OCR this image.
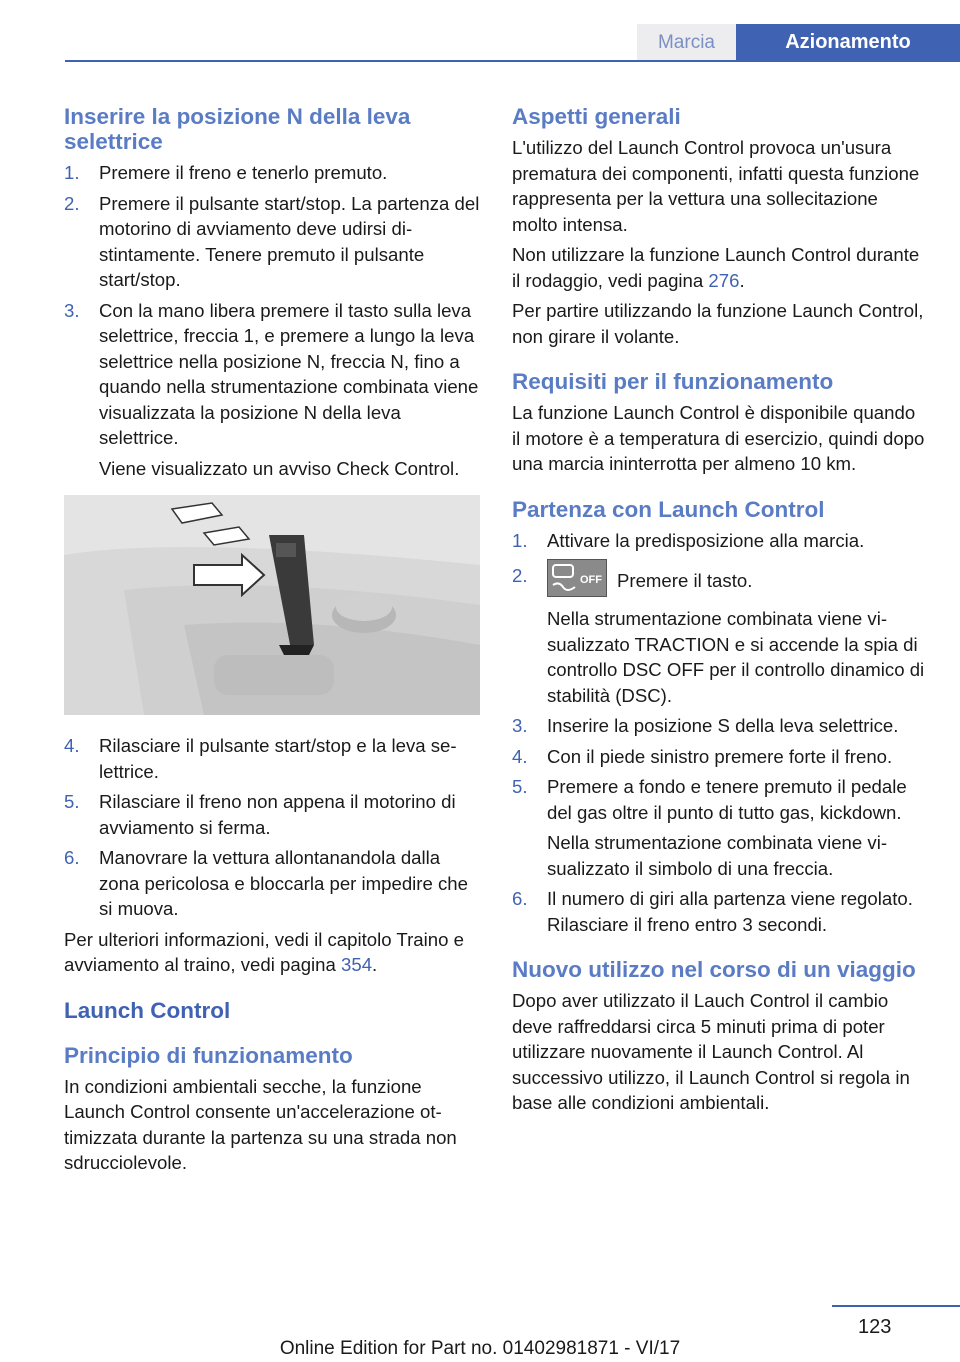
Marcia	Azionamento
Inserire la posizione N della leva selettrice
1. Premere il freno e tenerlo premuto.
2. Premere il pulsante start/stop. La partenza del motorino di avviamento deve udirsi distintamente. Tenere premuto il pulsante start/stop.
3. Con la mano libera premere il tasto sulla leva selettrice, freccia 1, e premere a lungo la leva selettrice nella posizione N, freccia N, fino a quando nella strumentazione combinata viene visualizzata la posizione N della leva selettrice.
Viene visualizzato un avviso Check Control.
4. Rilasciare il pulsante start/stop e la leva selettrice.
5. Rilasciare il freno non appena il motorino di avviamento si ferma.
6. Manovrare la vettura allontanandola dalla zona pericolosa e bloccarla per impedire che si muova.

Per ulteriori informazioni, vedi il capitolo Traino e avviamento al traino, vedi pagina 354.

Launch Control
Principio di funzionamento

In condizioni ambientali secche, la funzione Launch Control consente un'accelerazione ottimizzata durante la partenza su una strada non sdrucciolevole.

Aspetti generali

L'utilizzo del Launch Control provoca un'usura prematura dei componenti, infatti questa funzione rappresenta per la vettura una sollecitazione molto intensa.

Non utilizzare la funzione Launch Control durante il rodaggio, vedi pagina 276.

Per partire utilizzando la funzione Launch Control, non girare il volante.

Requisiti per il funzionamento

La funzione Launch Control è disponibile quando il motore è a temperatura di esercizio, quindi dopo una marcia ininterrotta per almeno 10 km.

Partenza con Launch Control
1. Attivare la predisposizione alla marcia.
2.	OFF Premere il tasto.
Nella strumentazione combinata viene visualizzato TRACTION e si accende la spia di controllo DSC OFF per il controllo dinamico di stabilità (DSC).
3. Inserire la posizione S della leva selettrice.
4. Con il piede sinistro premere forte il freno.
5. Premere a fondo e tenere premuto il pedale del gas oltre il punto di tutto gas, kickdown.
Nella strumentazione combinata viene visualizzato il simbolo di una freccia.
6. Il numero di giri alla partenza viene regolato. Rilasciare il freno entro 3 secondi.
Nuovo utilizzo nel corso di un viaggio

Dopo aver utilizzato il Lauch Control il cambio deve raffreddarsi circa 5 minuti prima di poter utilizzare nuovamente il Launch Control. Al successivo utilizzo, il Launch Control si regola in base alle condizioni ambientali.

123
Online Edition for Part no. 01402981871 - VI/17
